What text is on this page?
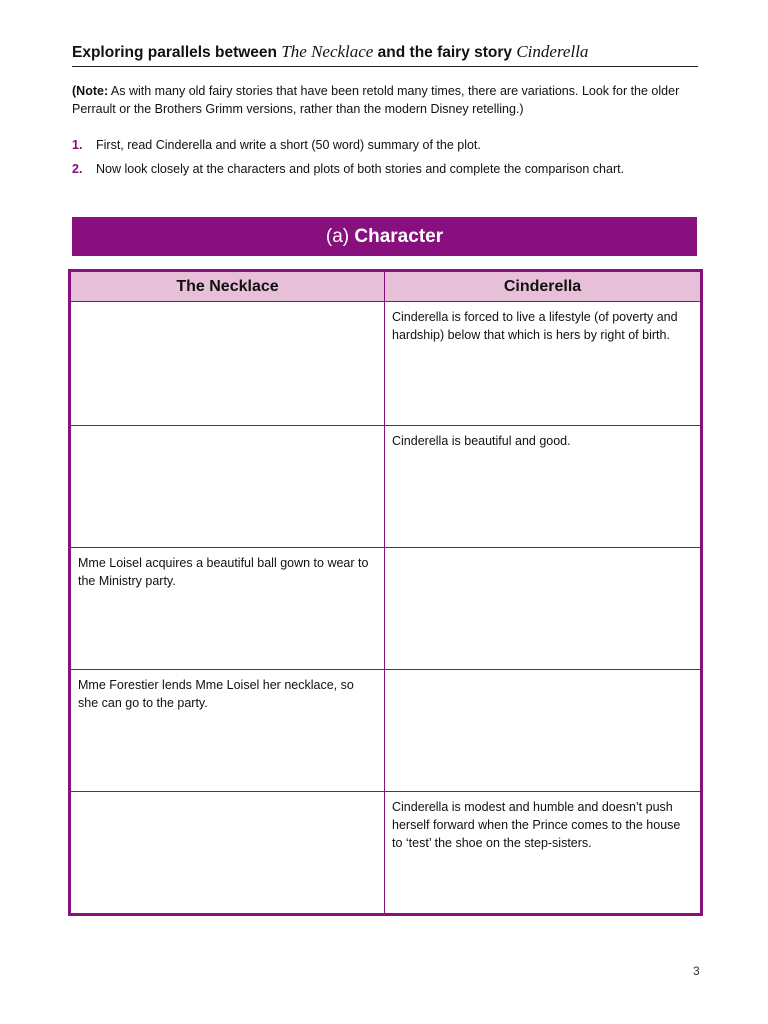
Exploring parallels between The Necklace and the fairy story Cinderella
(Note: As with many old fairy stories that have been retold many times, there are variations. Look for the older Perrault or the Brothers Grimm versions, rather than the modern Disney retelling.)
1. First, read Cinderella and write a short (50 word) summary of the plot.
2. Now look closely at the characters and plots of both stories and complete the comparison chart.
(a) Character
The Necklace	Cinderella

	Cinderella is forced to live a lifestyle (of poverty and hardship) below that which is hers by right of birth.
	Cinderella is beautiful and good.
Mme Loisel acquires a beautiful ball gown to wear to the Ministry party.	
Mme Forestier lends Mme Loisel her necklace, so she can go to the party.	
	Cinderella is modest and humble and doesn’t push herself forward when the Prince comes to the house to ‘test’ the shoe on the step-sisters.
3
